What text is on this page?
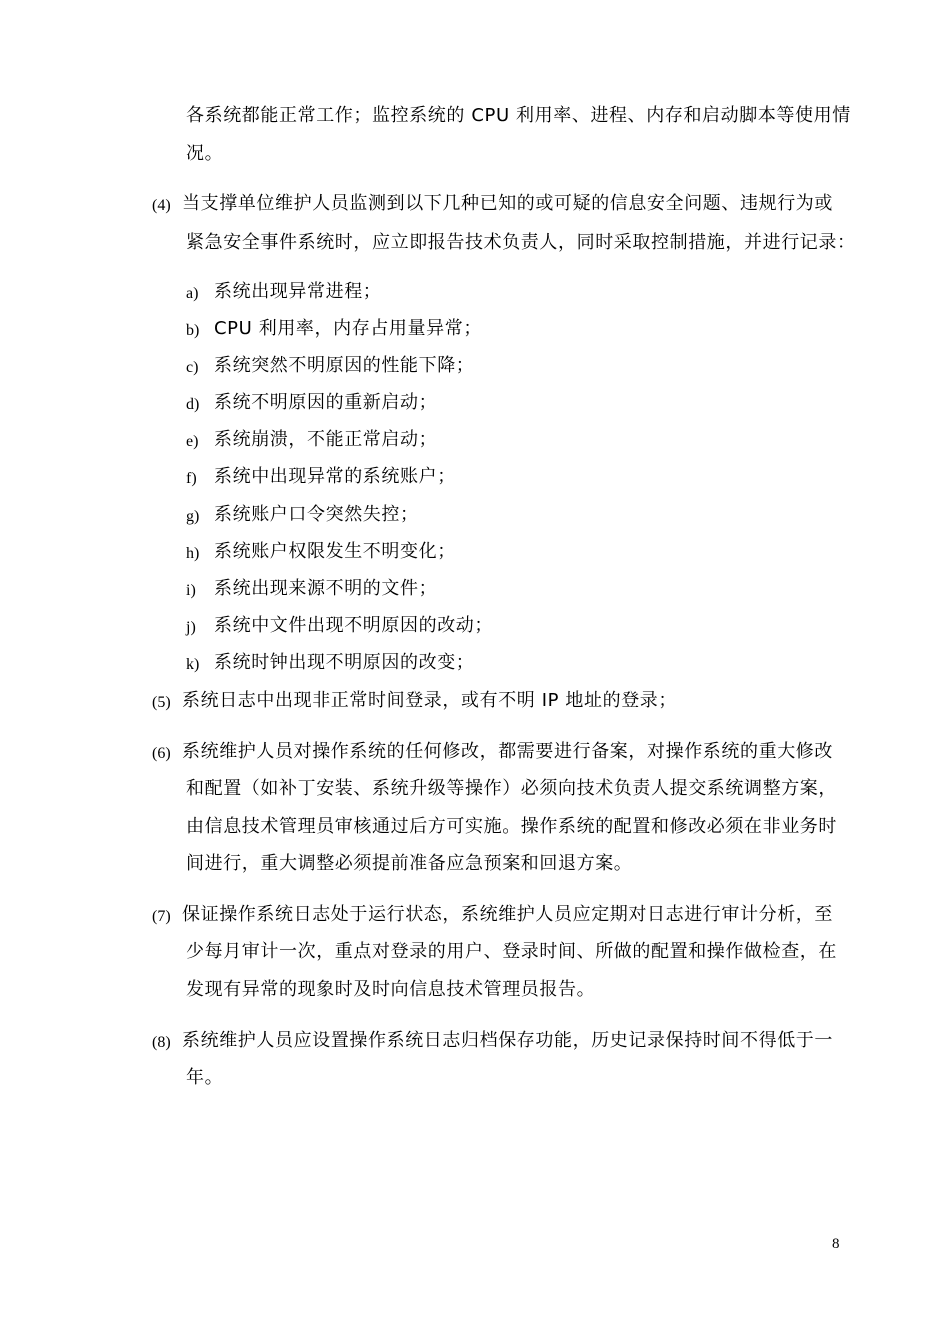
各系统都能正常工作；监控系统的 CPU 利用率、进程、内存和启动脚本等使用情
况。
(4) 当支撑单位维护人员监测到以下几种已知的或可疑的信息安全问题、违规行为或
紧急安全事件系统时，应立即报告技术负责人，同时采取控制措施，并进行记录：
a) 系统出现异常进程；
b) CPU 利用率，内存占用量异常；
c) 系统突然不明原因的性能下降；
d) 系统不明原因的重新启动；
e) 系统崩溃，不能正常启动；
f) 系统中出现异常的系统账户；
g) 系统账户口令突然失控；
h) 系统账户权限发生不明变化；
i) 系统出现来源不明的文件；
j) 系统中文件出现不明原因的改动；
k) 系统时钟出现不明原因的改变；
(5) 系统日志中出现非正常时间登录，或有不明 IP 地址的登录；
(6) 系统维护人员对操作系统的任何修改，都需要进行备案，对操作系统的重大修改
和配置（如补丁安装、系统升级等操作）必须向技术负责人提交系统调整方案，
由信息技术管理员审核通过后方可实施。操作系统的配置和修改必须在非业务时
间进行，重大调整必须提前准备应急预案和回退方案。
(7) 保证操作系统日志处于运行状态，系统维护人员应定期对日志进行审计分析，至
少每月审计一次，重点对登录的用户、登录时间、所做的配置和操作做检查，在
发现有异常的现象时及时向信息技术管理员报告。
(8) 系统维护人员应设置操作系统日志归档保存功能，历史记录保持时间不得低于一
年。
8
